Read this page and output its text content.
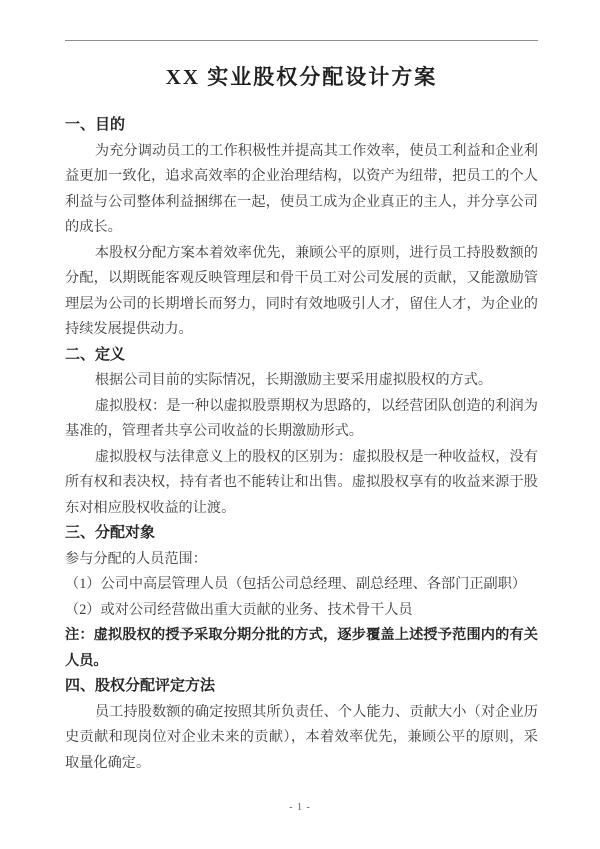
XX 实业股权分配设计方案
一、目的

为充分调动员工的工作积极性并提高其工作效率，使员工利益和企业利益更加一致化，追求高效率的企业治理结构，以资产为纽带，把员工的个人利益与公司整体利益捆绑在一起，使员工成为企业真正的主人，并分享公司的成长。

本股权分配方案本着效率优先，兼顾公平的原则，进行员工持股数额的分配，以期既能客观反映管理层和骨干员工对公司发展的贡献，又能激励管理层为公司的长期增长而努力，同时有效地吸引人才，留住人才，为企业的持续发展提供动力。

二、定义

根据公司目前的实际情况，长期激励主要采用虚拟股权的方式。

虚拟股权：是一种以虚拟股票期权为思路的，以经营团队创造的利润为基准的，管理者共享公司收益的长期激励形式。

虚拟股权与法律意义上的股权的区别为：虚拟股权是一种收益权，没有所有权和表决权，持有者也不能转让和出售。虚拟股权享有的收益来源于股东对相应股权收益的让渡。

三、分配对象

参与分配的人员范围：

（1）公司中高层管理人员（包括公司总经理、副总经理、各部门正副职）

（2）或对公司经营做出重大贡献的业务、技术骨干人员

注：虚拟股权的授予采取分期分批的方式，逐步覆盖上述授予范围内的有关人员。

四、股权分配评定方法

员工持股数额的确定按照其所负责任、个人能力、贡献大小（对企业历史贡献和现岗位对企业未来的贡献），本着效率优先，兼顾公平的原则，采取量化确定。

- 1 -
